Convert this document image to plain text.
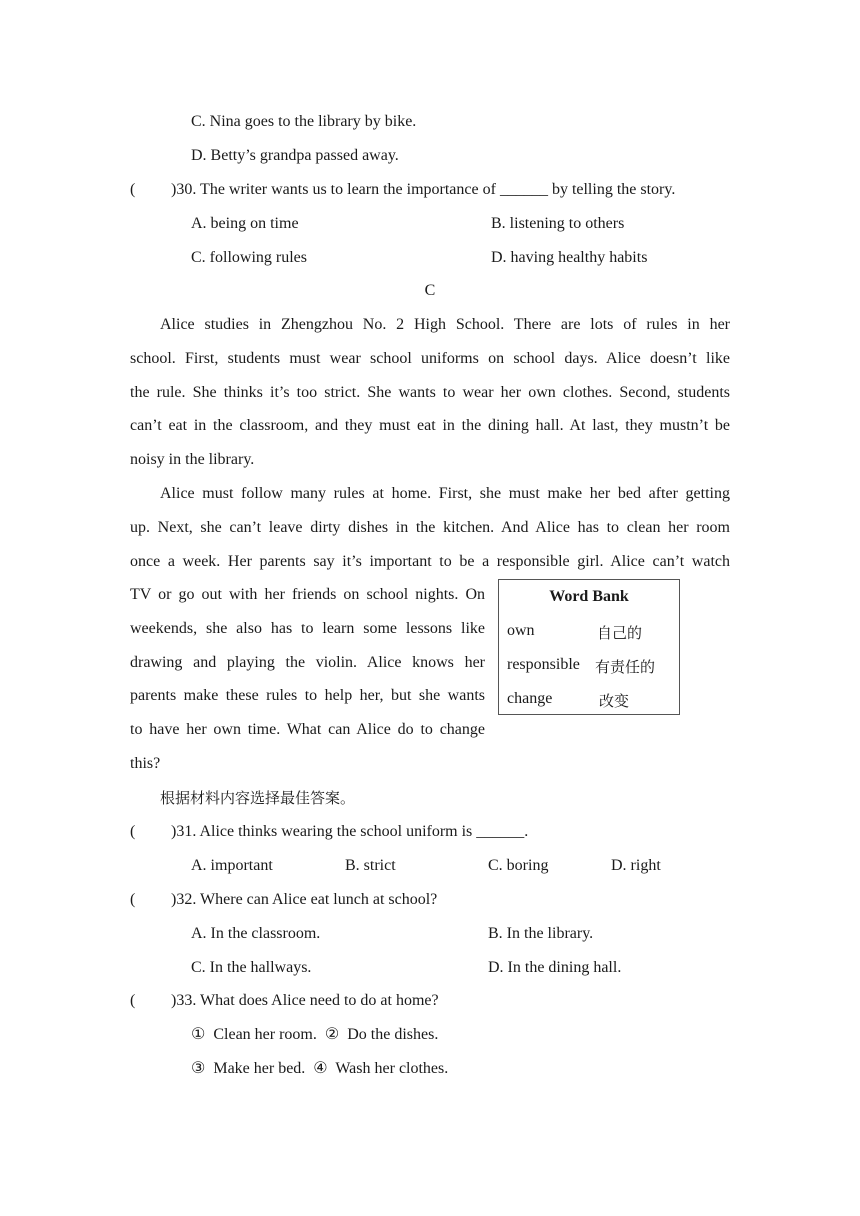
C. Nina goes to the library by bike.
D. Betty’s grandpa passed away.
( )30. The writer wants us to learn the importance of ______ by telling the story.
A. being on time	B. listening to others
C. following rules	D. having healthy habits
C
Alice studies in Zhengzhou No. 2 High School. There are lots of rules in her
school. First, students must wear school uniforms on school days. Alice doesn’t like
the rule. She thinks it’s too strict. She wants to wear her own clothes. Second, students
can’t eat in the classroom, and they must eat in the dining hall. At last, they mustn’t be
noisy in the library.
Alice must follow many rules at home. First, she must make her bed after getting
up. Next, she can’t leave dirty dishes in the kitchen. And Alice has to clean her room
once a week. Her parents say it’s important to be a responsible girl. Alice can’t watch
TV or go out with her friends on school nights. On
weekends, she also has to learn some lessons like
drawing and playing the violin. Alice knows her
parents make these rules to help her, but she wants
to have her own time. What can Alice do to change
this?
Word Bank
own	自己的
responsible 有责任的
change	改变
根据材料内容选择最佳答案。
( )31. Alice thinks wearing the school uniform is ______.
A. important	B. strict	C. boring	D. right
( )32. Where can Alice eat lunch at school?
A. In the classroom.	B. In the library.
C. In the hallways.	D. In the dining hall.
( )33. What does Alice need to do at home?
①  Clean her room.  ②  Do the dishes.
③  Make her bed.  ④  Wash her clothes.
